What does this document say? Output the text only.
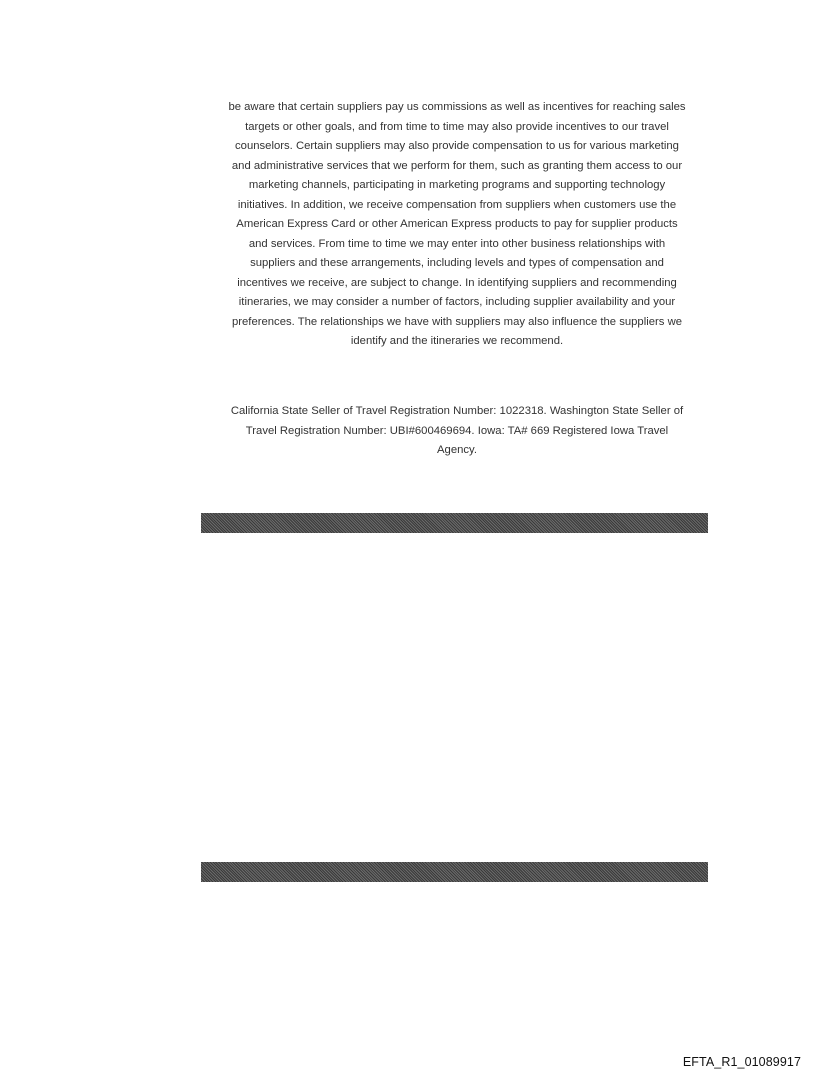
be aware that certain suppliers pay us commissions as well as incentives for reaching sales targets or other goals, and from time to time may also provide incentives to our travel counselors. Certain suppliers may also provide compensation to us for various marketing and administrative services that we perform for them, such as granting them access to our marketing channels, participating in marketing programs and supporting technology initiatives. In addition, we receive compensation from suppliers when customers use the American Express Card or other American Express products to pay for supplier products and services. From time to time we may enter into other business relationships with suppliers and these arrangements, including levels and types of compensation and incentives we receive, are subject to change. In identifying suppliers and recommending itineraries, we may consider a number of factors, including supplier availability and your preferences. The relationships we have with suppliers may also influence the suppliers we identify and the itineraries we recommend.

California State Seller of Travel Registration Number: 1022318. Washington State Seller of Travel Registration Number: UBI#600469694. Iowa: TA# 669 Registered Iowa Travel Agency.

EFTA_R1_01089917
